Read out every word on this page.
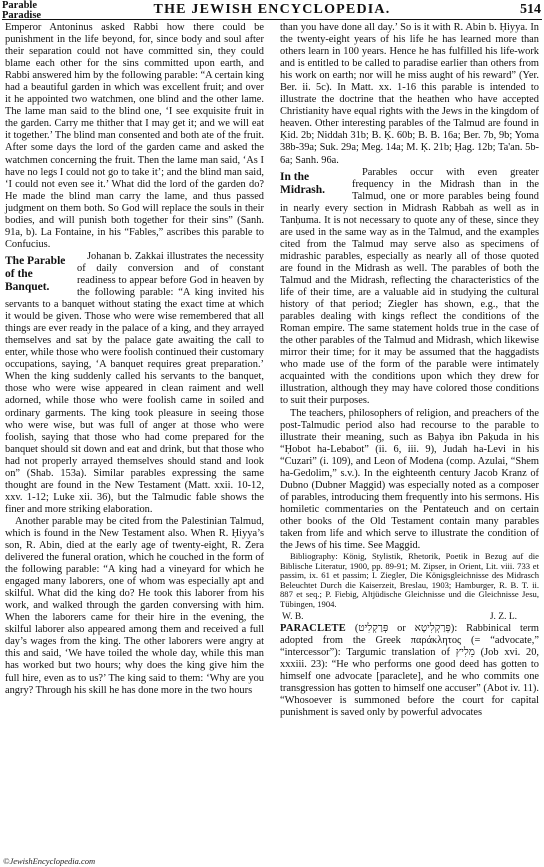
Parable
Paradise	THE JEWISH ENCYCLOPEDIA.	514

Emperor Antoninus asked Rabbi how there could be punishment in the life beyond, for, since body and soul after their separation could not have committed sin, they could blame each other for the sins committed upon earth, and Rabbi answered him by the following parable: “A certain king had a beautiful garden in which was excellent fruit; and over it he appointed two watchmen, one blind and the other lame. The lame man said to the blind one, ‘I see exquisite fruit in the garden. Carry me thither that I may get it; and we will eat it together.’ The blind man consented and both ate of the fruit. After some days the lord of the garden came and asked the watchmen concerning the fruit. Then the lame man said, ‘As I have no legs I could not go to take it’; and the blind man said, ‘I could not even see it.’ What did the lord of the garden do? He made the blind man carry the lame, and thus passed judgment on them both. So God will replace the souls in their bodies, and will punish both together for their sins” (Sanh. 91a, b). La Fontaine, in his “Fables,” ascribes this parable to Confucius.

The Parable of the Banquet.

Johanan b. Zakkai illustrates the necessity of daily conversion and of constant readiness to appear before God in heaven by the following parable: “A king invited his servants to a banquet without stating the exact time at which it would be given. Those who were wise remembered that all things are ever ready in the palace of a king, and they arrayed themselves and sat by the palace gate awaiting the call to enter, while those who were foolish continued their customary occupations, saying, ‘A banquet requires great preparation.’ When the king suddenly called his servants to the banquet, those who were wise appeared in clean raiment and well adorned, while those who were foolish came in soiled and ordinary garments. The king took pleasure in seeing those who were wise, but was full of anger at those who were foolish, saying that those who had come prepared for the banquet should sit down and eat and drink, but that those who had not properly arrayed themselves should stand and look on” (Shab. 153a). Similar parables expressing the same thought are found in the New Testament (Matt. xxii. 10-12, xxv. 1-12; Luke xii. 36), but the Talmudic fable shows the finer and more striking elaboration.

Another parable may be cited from the Palestinian Talmud, which is found in the New Testament also. When R. Ḥiyya’s son, R. Abin, died at the early age of twenty-eight, R. Zera delivered the funeral oration, which he couched in the form of the following parable: “A king had a vineyard for which he engaged many laborers, one of whom was especially apt and skilful. What did the king do? He took this laborer from his work, and walked through the garden conversing with him. When the laborers came for their hire in the evening, the skilful laborer also appeared among them and received a full day’s wages from the king. The other laborers were angry at this and said, ‘We have toiled the whole day, while this man has worked but two hours; why does the king give him the full hire, even as to us?’ The king said to them: ‘Why are you angry? Through his skill he has done more in the two hours

than you have done all day.’ So is it with R. Abin b. Ḥiyya. In the twenty-eight years of his life he has learned more than others learn in 100 years. Hence he has fulfilled his life-work and is entitled to be called to paradise earlier than others from his work on earth; nor will he miss aught of his reward” (Yer. Ber. ii. 5c). In Matt. xx. 1-16 this parable is intended to illustrate the doctrine that the heathen who have accepted Christianity have equal rights with the Jews in the kingdom of heaven. Other interesting parables of the Talmud are found in Ḳid. 2b; Niddah 31b; B. Ḳ. 60b; B. B. 16a; Ber. 7b, 9b; Yoma 38b-39a; Suk. 29a; Meg. 14a; M. Ḳ. 21b; Ḥag. 12b; Ta'an. 5b-6a; Sanh. 96a.

In the Midrash.

Parables occur with even greater frequency in the Midrash than in the Talmud, one or more parables being found in nearly every section in Midrash Rabbah as well as in Tanḥuma. It is not necessary to quote any of these, since they are used in the same way as in the Talmud, and the examples cited from the Talmud may serve also as specimens of midrashic parables, especially as nearly all of those quoted are found in the Midrash as well. The parables of both the Talmud and the Midrash, reflecting the characteristics of the life of their time, are a valuable aid in studying the cultural history of that period; Ziegler has shown, e.g., that the parables dealing with kings reflect the conditions of the Roman empire. The same statement holds true in the case of the other parables of the Talmud and Midrash, which likewise mirror their time; for it may be assumed that the haggadists who made use of the form of the parable were intimately acquainted with the conditions upon which they drew for illustration, although they may have colored those conditions to suit their purposes.

The teachers, philosophers of religion, and preachers of the post-Talmudic period also had recourse to the parable to illustrate their meaning, such as Baḥya ibn Paḳuda in his “Ḥobot ha-Lebabot” (ii. 6, iii. 9), Judah ha-Levi in his “Cuzari” (i. 109), and Leon of Modena (comp. Azulai, “Shem ha-Gedolim,” s.v.). In the eighteenth century Jacob Kranz of Dubno (Dubner Maggid) was especially noted as a composer of parables, introducing them frequently into his sermons. His homiletic commentaries on the Pentateuch and on certain other books of the Old Testament contain many parables taken from life and which serve to illustrate the condition of the Jews of his time. See Maggid.

Bibliography: König, Stylistik, Rhetorik, Poetik in Bezug auf die Biblische Literatur, 1900, pp. 89-91; M. Zipser, in Orient, Lit. viii. 733 et passim, ix. 61 et passim; I. Ziegler, Die Königsgleichnisse des Midrasch Beleuchtet Durch die Kaiserzeit, Breslau, 1903; Hamburger, R. B. T. ii. 887 et seq.; P. Fiebig, Altjüdische Gleichnisse und die Gleichnisse Jesu, Tübingen, 1904.

W. B.	J. Z. L.

PARACLETE (פְּרַקְלִיט or פְּרַקְלִיטָא): Rabbinical term adopted from the Greek παράκλητος (= “advocate,” “intercessor”): Targumic translation of מֵלִיץ (Job xvi. 20, xxxiii. 23): “He who performs one good deed has gotten to himself one advocate [paraclete], and he who commits one transgression has gotten to himself one accuser” (Abot iv. 11). “Whosoever is summoned before the court for capital punishment is saved only by powerful advocates

©JewishEncyclopedia.com
